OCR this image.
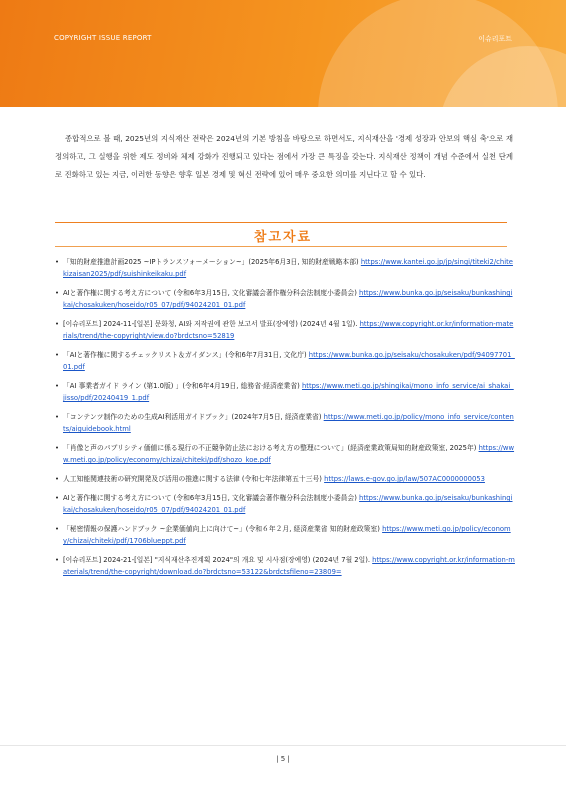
COPYRIGHT ISSUE REPORT	이슈리포트

종합적으로 볼 때, 2025년의 지식재산 전략은 2024년의 기본 방침을 바탕으로 하면서도, 지식재산을 '경제 성장과 안보의 핵심 축'으로 재정의하고, 그 실행을 위한 제도 정비와 체제 강화가 진행되고 있다는 점에서 가장 큰 특징을 갖는다. 지식재산 정책이 개념 수준에서 실천 단계로 진화하고 있는 지금, 이러한 동향은 향후 일본 경제 및 혁신 전략에 있어 매우 중요한 의미를 지닌다고 할 수 있다.

참고자료
• 「知的財産推進計画2025 ~IPトランスフォーメーション~」(2025年6月3日, 知的財産戦略本部) https://www.kantei.go.jp/jp/singi/titeki2/chitekizaisan2025/pdf/suishinkeikaku.pdf
• AIと著作権に関する考え方について (令和6年3月15日, 文化審議会著作権分科会法制度小委員会) https://www.bunka.go.jp/seisaku/bunkashingikai/chosakuken/hoseido/r05_07/pdf/94024201_01.pdf
• [이슈리포트] 2024-11-[일본] 문화청, AI와 저작권에 관한 보고서 발표(장예영) (2024년 4월 1일). https://www.copyright.or.kr/information-materials/trend/the-copyright/view.do?brdctsno=52819
• 「AIと著作権に関するチェックリスト＆ガイダンス」(令和6年7月31日, 文化庁) https://www.bunka.go.jp/seisaku/chosakuken/pdf/94097701_01.pdf
• 「AI 事業者ガイド ライン (第1.0版) 」(令和6年4月19日, 総務省·経済産業省) https://www.meti.go.jp/shingikai/mono_info_service/ai_shakai_jisso/pdf/20240419_1.pdf
• 「コンテンツ制作のための生成AI利活用ガイドブック」(2024年7月5日, 経済産業省) https://www.meti.go.jp/policy/mono_info_service/contents/aiguidebook.html
• 「肖像と声のパブリシティ価値に係る現行の不正競争防止法における考え方の整理について」(経済産業政策局知的財産政策室, 2025年) https://www.meti.go.jp/policy/economy/chizai/chiteki/pdf/shozo_koe.pdf
• 人工知能関連技術の研究開発及び活用の推進に関する法律 (令和七年法律第五十三号) https://laws.e-gov.go.jp/law/507AC0000000053
• AIと著作権に関する考え方について (令和6年3月15日, 文化審議会著作権分科会法制度小委員会) https://www.bunka.go.jp/seisaku/bunkashingikai/chosakuken/hoseido/r05_07/pdf/94024201_01.pdf
• 「秘密情報の保護ハンドブック ~企業価値向上に向けて~」(令和６年２月, 経済産業省 知的財産政策室) https://www.meti.go.jp/policy/economy/chizai/chiteki/pdf/1706blueppt.pdf
• [이슈리포트] 2024-21-[일본] "지식재산추진계획 2024"의 개요 및 시사점(장예영) (2024년 7월 2일). https://www.copyright.or.kr/information-materials/trend/the-copyright/download.do?brdctsno=53122&brdctsfileno=23809=
| 5 |
